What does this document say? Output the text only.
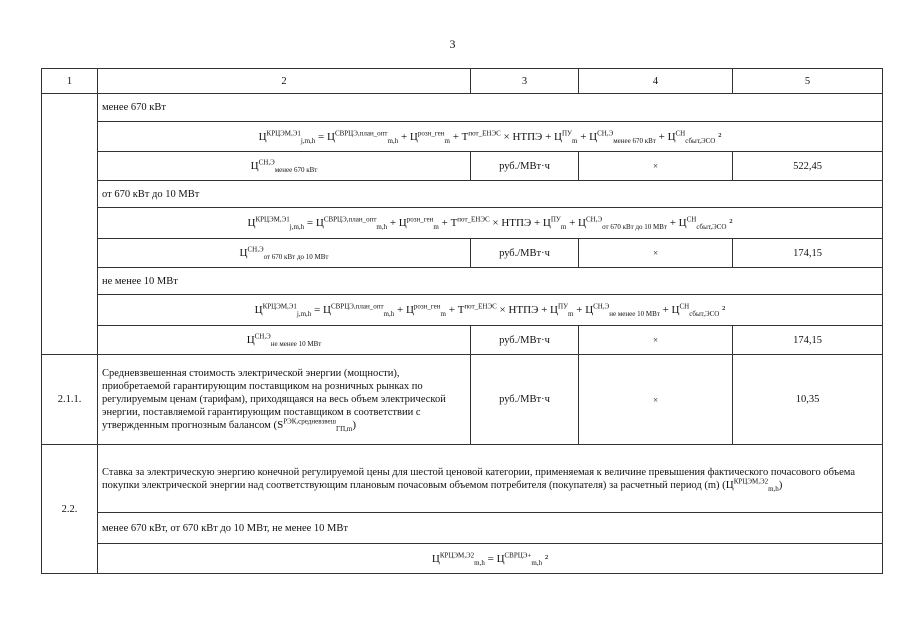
3
1	2	3	4	5
	менее 670 кВт			
	$Ц^{КРЦЭМ,Э1}_{j,m,h} = Ц^{СВРЦЭ,план\_опт}_{m,h} + Ц^{розн\_ген}_m + Т^{пот\_ЕНЭС}$ × НТПЭ + $Ц^{ПУ}_m + Ц^{СН,Э}_{менее 670 кВт} + Ц^{СН}_{сбыт,ЭСО}$ ²			
	$Ц^{СН,Э}_{менее 670 кВт}$	руб./МВт·ч	×	522,45
	от 670 кВт до 10 МВт			
	$Ц^{КРЦЭМ,Э1}_{j,m,h} = Ц^{СВРЦЭ,план\_опт}_{m,h} + Ц^{розн\_ген}_m + Т^{пот\_ЕНЭС}$ × НТПЭ + $Ц^{ПУ}_m + Ц^{СН,Э}_{от 670 кВт до 10 МВт} + Ц^{СН}_{сбыт,ЭСО}$ ²			
	$Ц^{СН,Э}_{от 670 кВт до 10 МВт}$	руб./МВт·ч	×	174,15
	не менее 10 МВт			
	$Ц^{КРЦЭМ,Э1}_{j,m,h} = Ц^{СВРЦЭ,план\_опт}_{m,h} + Ц^{розн\_ген}_m + Т^{пот\_ЕНЭС}$ × НТПЭ + $Ц^{ПУ}_m + Ц^{СН,Э}_{не менее 10 МВт} + Ц^{СН}_{сбыт,ЭСО}$ ²			
	$Ц^{СН,Э}_{не менее 10 МВт}$	руб./МВт·ч	×	174,15
2.1.1.	Средневзвешенная стоимость электрической энергии (мощности), приобретаемой гарантирующим поставщиком на розничных рынках по регулируемым ценам (тарифам), приходящаяся на весь объем электрической энергии, поставляемой гарантирующим поставщиком в соответствии с утвержденным прогнозным балансом $(S^{РЭК,средневзвеш}_{ГП,m})$	руб./МВт·ч	×	10,35
2.2.	Ставка за электрическую энергию конечной регулируемой цены для шестой ценовой категории, применяемая к величине превышения фактического почасового объема покупки электрической энергии над соответствующим плановым почасовым объемом потребителя (покупателя) за расчетный период (m) $(Ц^{КРЦЭМ,Э2}_{m,h})$			
	менее 670 кВт, от 670 кВт до 10 МВт, не менее 10 МВт			
	$Ц^{КРЦЭМ,Э2}_{m,h} = Ц^{СВРЦЭ+}_{m,h}$ ²			
